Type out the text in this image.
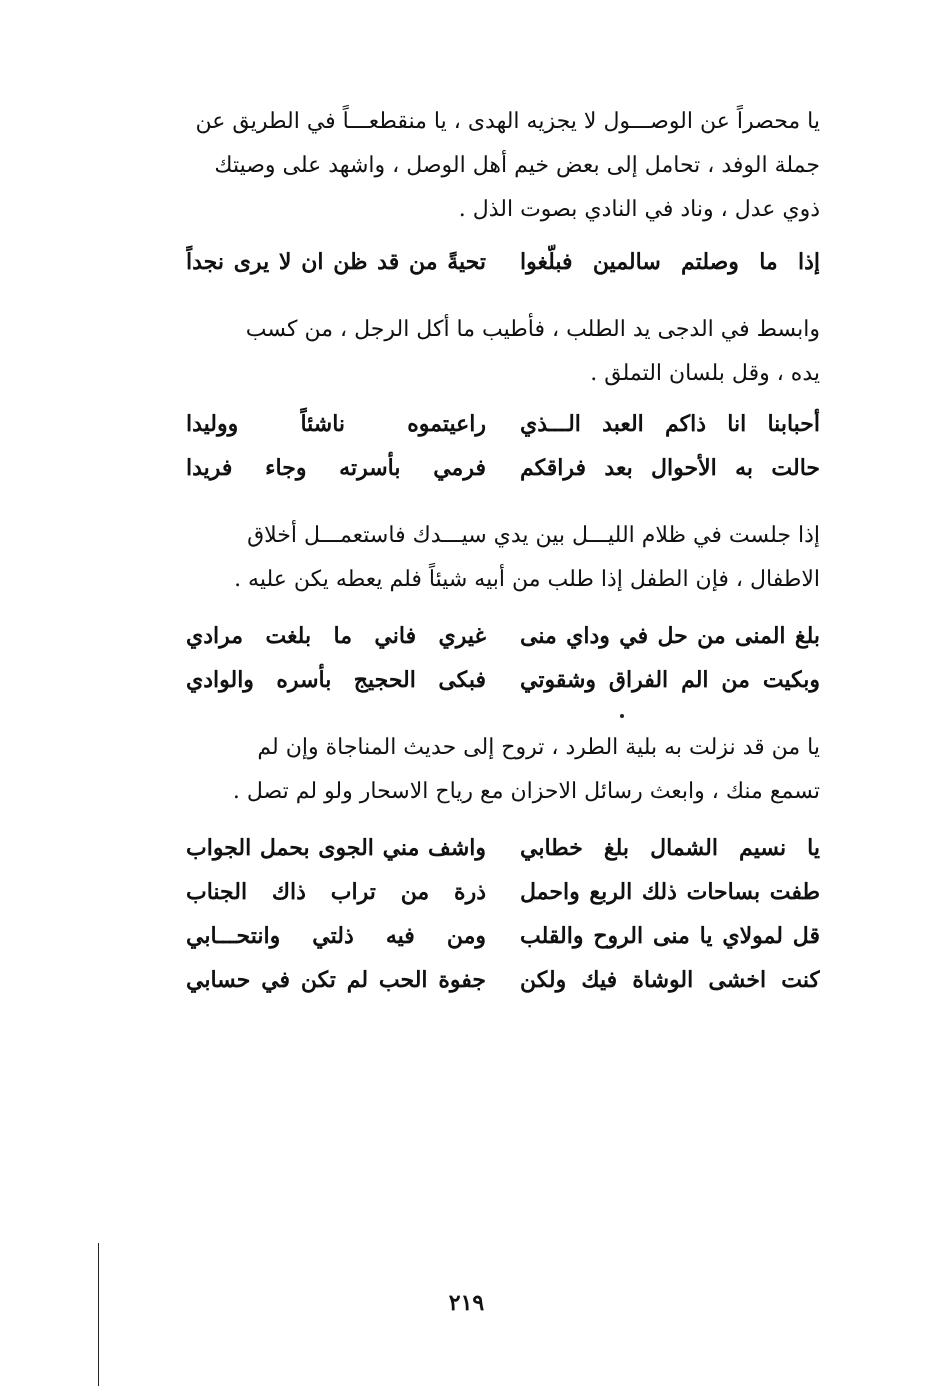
يا محصراً عن الوصـــول لا يجزيه الهدى ، يا منقطعـــاً في الطريق عن
جملة الوفد ، تحامل إلى بعض خيم أهل الوصل ، واشهد على وصيتك
ذوي عدل ، وناد في النادي بصوت الذل .
إذا ما وصلتم سالمين فبلّغوا
تحيةً من قد ظن ان لا يرى نجداً
وابسط في الدجى يد الطلب ، فأطيب ما أكل الرجل ، من كسب
يده ، وقل بلسان التملق .
أحبابنا انا ذاكم العبد الـــذي
راعيتموه ناشئاً ووليدا
حالت به الأحوال بعد فراقكم
فرمي بأسرته وجاء فريدا
إذا جلست في ظلام الليـــل بين يدي سيـــدك فاستعمـــل أخلاق
الاطفال ، فإن الطفل إذا طلب من أبيه شيئاً فلم يعطه يكن عليه .
بلغ المنى من حل في وداي منى
غيري فاني ما بلغت مرادي
وبكيت من الم الفراق وشقوتي
فبكى الحجيج بأسره والوادي
يا من قد نزلت به بلية الطرد ، تروح إلى حديث المناجاة وإن لم
تسمع منك ، وابعث رسائل الاحزان مع رياح الاسحار ولو لم تصل .
يا نسيم الشمال بلغ خطابي
واشف مني الجوى بحمل الجواب
طفت بساحات ذلك الربع واحمل
ذرة من تراب ذاك الجناب
قل لمولاي يا منى الروح والقلب
ومن فيه ذلتي وانتحـــابي
كنت اخشى الوشاة فيك ولكن
جفوة الحب لم تكن في حسابي
٢١٩
